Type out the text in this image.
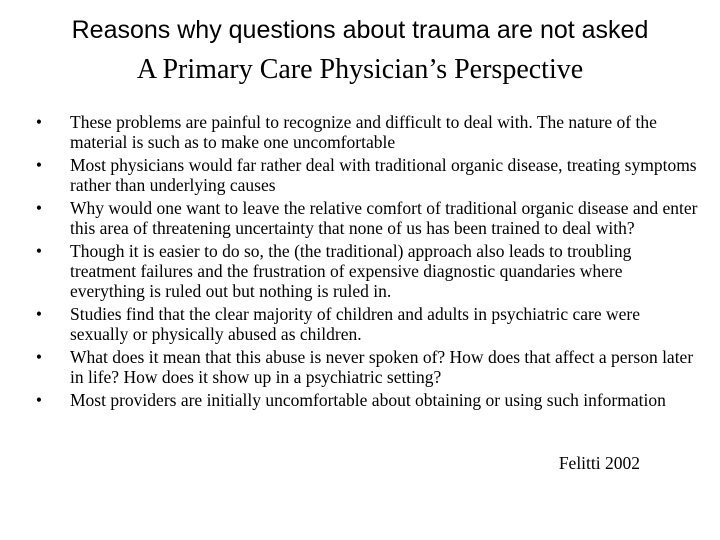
Reasons why questions about trauma are not asked
A Primary Care Physician’s Perspective
• These problems are painful to recognize and difficult to deal with. The nature of the material is such as to make one uncomfortable
• Most physicians would far rather deal with traditional organic disease, treating symptoms rather than underlying causes
• Why would one want to leave the relative comfort of traditional organic disease and enter this area of threatening uncertainty that none of us has been trained to deal with?
• Though it is easier to do so, the (the traditional) approach also leads to troubling treatment failures and the frustration of expensive diagnostic quandaries where everything is ruled out but nothing is ruled in.
• Studies find that the clear majority of children and adults in psychiatric care were sexually or physically abused as children.
• What does it mean that this abuse is never spoken of? How does that affect a person later in life? How does it show up in a psychiatric setting?
• Most providers are initially uncomfortable about obtaining or using such information
Felitti 2002
